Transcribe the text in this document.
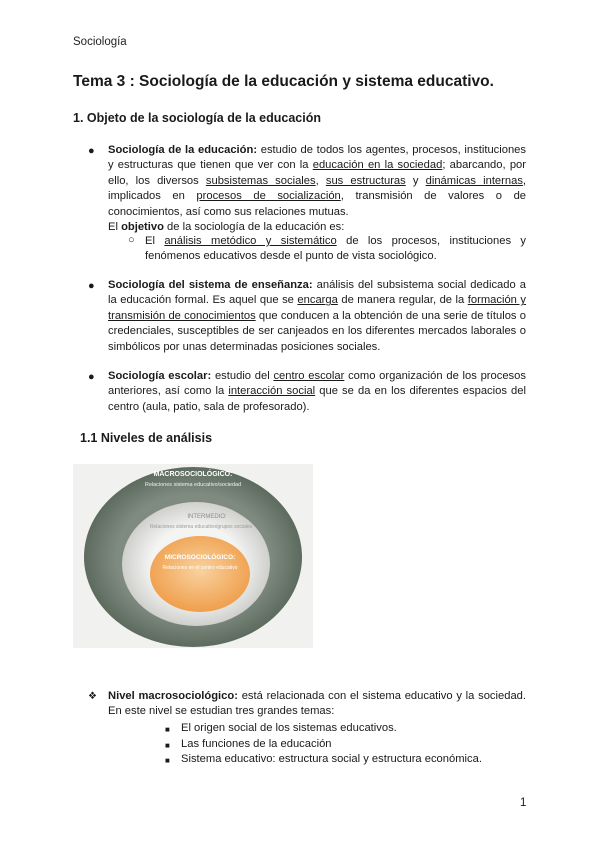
Sociología
Tema 3 : Sociología de la educación y sistema educativo.
1. Objeto de la sociología de la educación
● Sociología de la educación: estudio de todos los agentes, procesos, instituciones y estructuras que tienen que ver con la educación en la sociedad; abarcando, por ello, los diversos subsistemas sociales, sus estructuras y dinámicas internas, implicados en procesos de socialización, transmisión de valores o de conocimientos, así como sus relaciones mutuas.
El objetivo de la sociología de la educación es:
○ El análisis metódico y sistemático de los procesos, instituciones y fenómenos educativos desde el punto de vista sociológico.
● Sociología del sistema de enseñanza: análisis del subsistema social dedicado a la educación formal. Es aquel que se encarga de manera regular, de la formación y transmisión de conocimientos que conducen a la obtención de una serie de títulos o credenciales, susceptibles de ser canjeados en los diferentes mercados laborales o simbólicos por unas determinadas posiciones sociales.
● Sociología escolar: estudio del centro escolar como organización de los procesos anteriores, así como la interacción social que se da en los diferentes espacios del centro (aula, patio, sala de profesorado).
1.1 Niveles de análisis
MACROSOCIOLÓGICO:
Relaciones sistema educativo/sociedad
INTERMEDIO:
Relaciones sistema educativo/grupos sociales
MICROSOCIOLÓGICO:
Relaciones en el centro educativo
❖ Nivel macrosociológico: está relacionada con el sistema educativo y la sociedad. En este nivel se estudian tres grandes temas:
■ El origen social de los sistemas educativos.
■ Las funciones de la educación
■ Sistema educativo: estructura social y estructura económica.
1
